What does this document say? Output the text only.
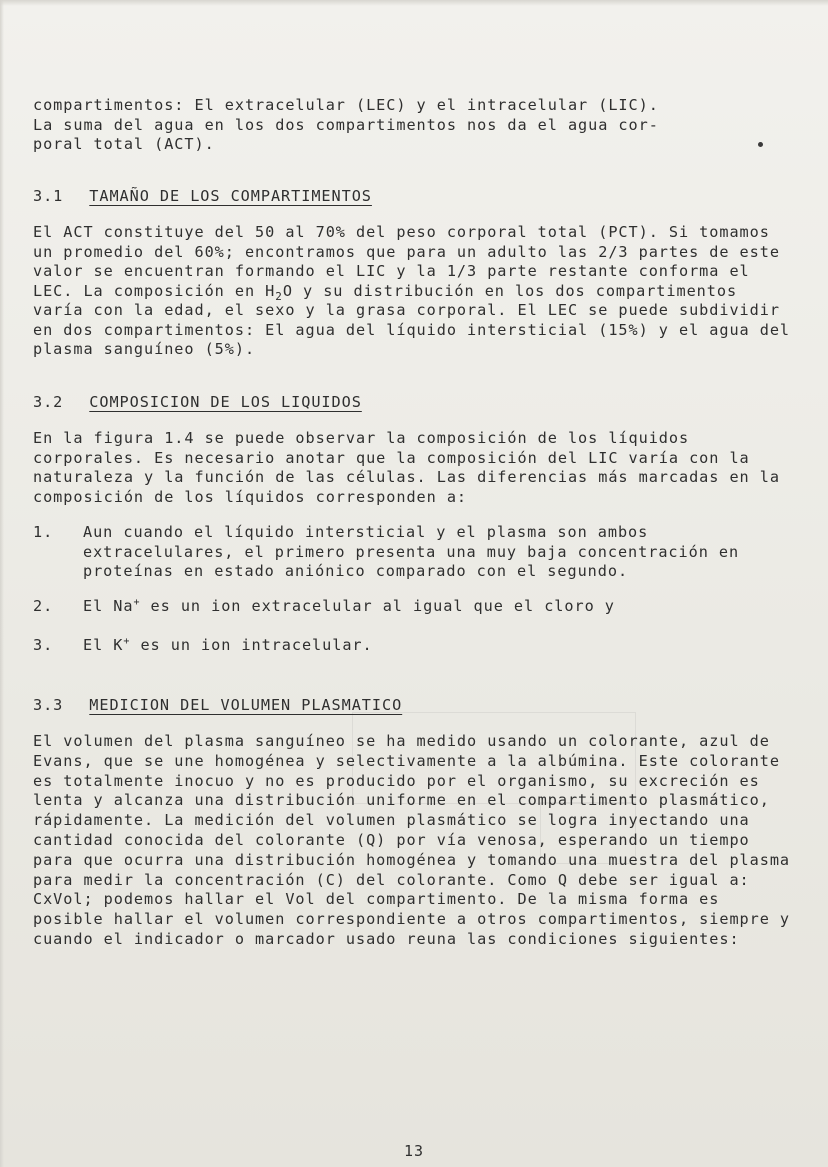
compartimentos: El extracelular (LEC) y el intracelular (LIC).
La suma del agua en los dos compartimentos nos da el agua cor-
poral total (ACT).

3.1 TAMAÑO DE LOS COMPARTIMENTOS

El ACT constituye del 50 al 70% del peso corporal total (PCT). Si tomamos un promedio del 60%; encontramos que para un adulto las 2/3 partes de este valor se encuentran formando el LIC y la 1/3 parte restante conforma el LEC. La composición en $H_2O$ y su distribución en los dos compartimentos varía con la edad, el sexo y la grasa corporal. El LEC se puede subdividir en dos compartimentos: El agua del líquido intersticial (15%) y el agua del plasma sanguíneo (5%).

3.2 COMPOSICION DE LOS LIQUIDOS

En la figura 1.4 se puede observar la composición de los líquidos corporales. Es necesario anotar que la composición del LIC varía con la naturaleza y la función de las células. Las diferencias más marcadas en la composición de los líquidos corresponden a:

1.	Aun cuando el líquido intersticial y el plasma son ambos extracelulares, el primero presenta una muy baja concentración en proteínas en estado aniónico comparado con el segundo.
2.	El Na+ es un ion extracelular al igual que el cloro y
3.	El K+ es un ion intracelular.
3.3 MEDICION DEL VOLUMEN PLASMATICO

El volumen del plasma sanguíneo se ha medido usando un colorante, azul de Evans, que se une homogénea y selectivamente a la albúmina. Este colorante es totalmente inocuo y no es producido por el organismo, su excreción es lenta y alcanza una distribución uniforme en el compartimento plasmático, rápidamente. La medición del volumen plasmático se logra inyectando una cantidad conocida del colorante (Q) por vía venosa, esperando un tiempo para que ocurra una distribución homogénea y tomando una muestra del plasma para medir la concentración (C) del colorante. Como Q debe ser igual a: CxVol; podemos hallar el Vol del compartimento. De la misma forma es posible hallar el volumen correspondiente a otros compartimentos, siempre y cuando el indicador o marcador usado reuna las condiciones siguientes:

13
